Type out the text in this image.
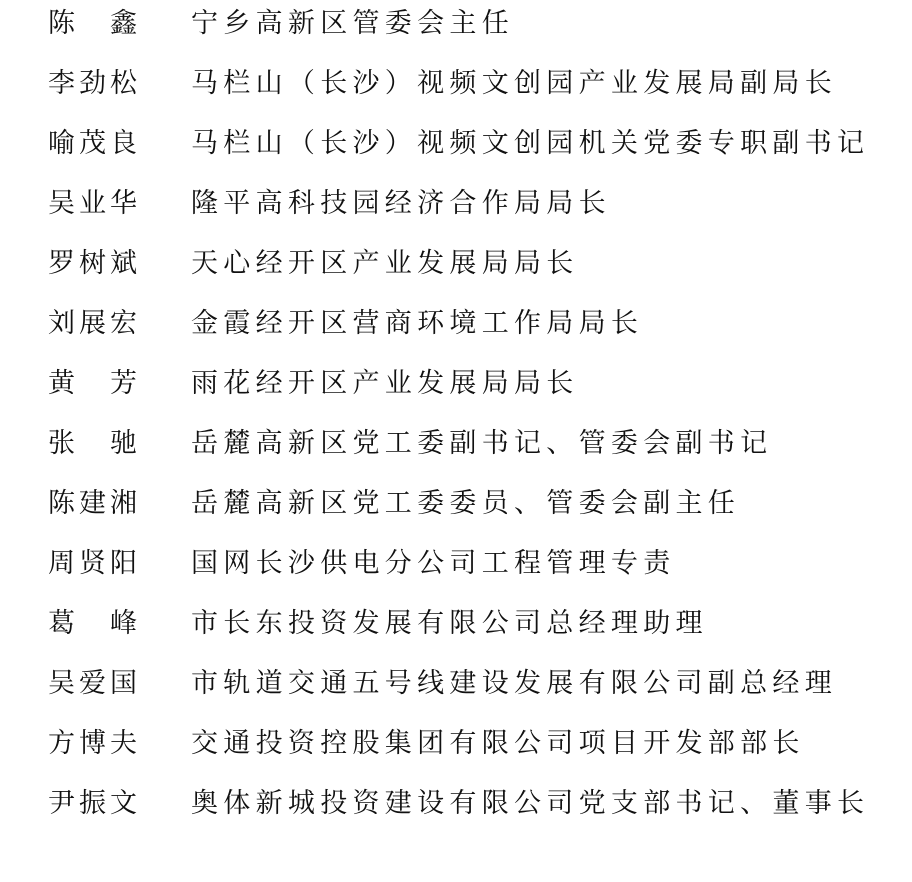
陈　鑫 宁乡高新区管委会主任
李劲松 马栏山（长沙）视频文创园产业发展局副局长
喻茂良 马栏山（长沙）视频文创园机关党委专职副书记
吴业华 隆平高科技园经济合作局局长
罗树斌 天心经开区产业发展局局长
刘展宏 金霞经开区营商环境工作局局长
黄　芳 雨花经开区产业发展局局长
张　驰 岳麓高新区党工委副书记、管委会副书记
陈建湘 岳麓高新区党工委委员、管委会副主任
周贤阳 国网长沙供电分公司工程管理专责
葛　峰 市长东投资发展有限公司总经理助理
吴爱国 市轨道交通五号线建设发展有限公司副总经理
方博夫 交通投资控股集团有限公司项目开发部部长
尹振文 奥体新城投资建设有限公司党支部书记、董事长
